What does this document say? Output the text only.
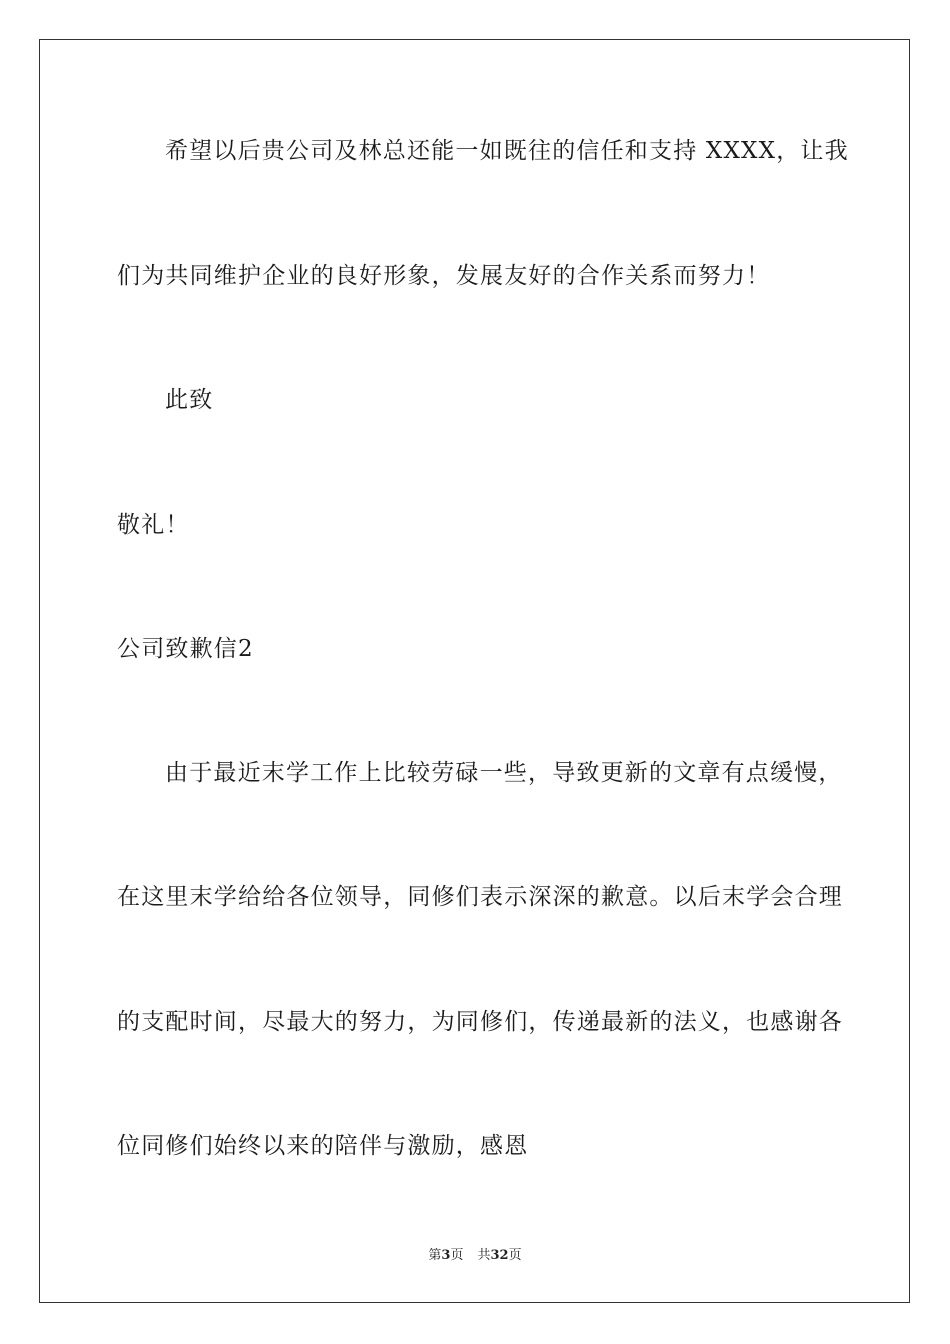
希望以后贵公司及林总还能一如既往的信任和支持 XXXX，让我
们为共同维护企业的良好形象，发展友好的合作关系而努力！
此致
敬礼！
公司致歉信2
由于最近末学工作上比较劳碌一些，导致更新的文章有点缓慢，
在这里末学给给各位领导，同修们表示深深的歉意。以后末学会合理
的支配时间，尽最大的努力，为同修们，传递最新的法义，也感谢各
位同修们始终以来的陪伴与激励，感恩
第3页 共32页
